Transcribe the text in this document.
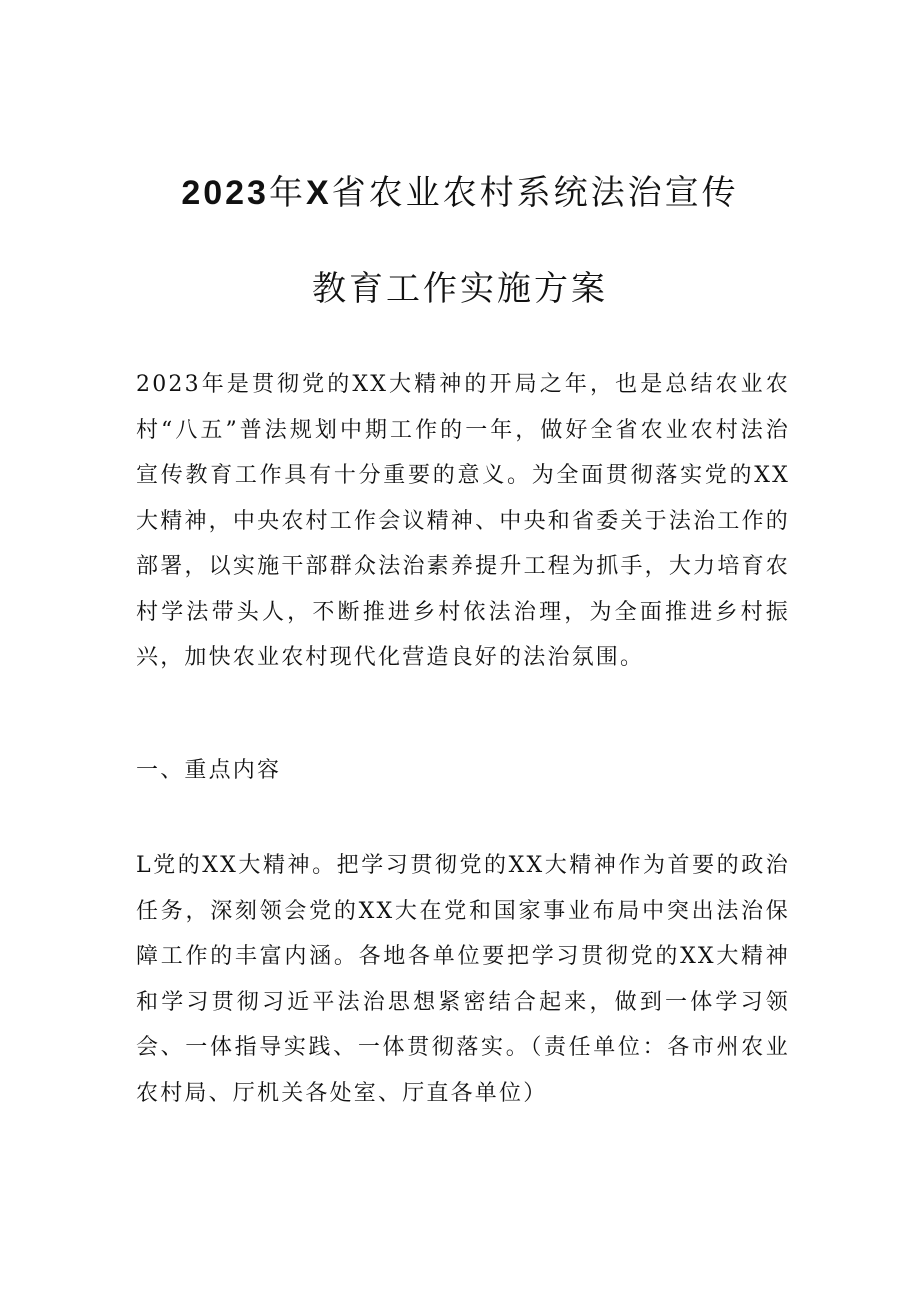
2023年X省农业农村系统法治宣传
教育工作实施方案

2023年是贯彻党的XX大精神的开局之年，也是总结农业农村“八五”普法规划中期工作的一年，做好全省农业农村法治宣传教育工作具有十分重要的意义。为全面贯彻落实党的XX大精神，中央农村工作会议精神、中央和省委关于法治工作的部署，以实施干部群众法治素养提升工程为抓手，大力培育农村学法带头人，不断推进乡村依法治理，为全面推进乡村振兴，加快农业农村现代化营造良好的法治氛围。

一、重点内容

L党的XX大精神。把学习贯彻党的XX大精神作为首要的政治任务，深刻领会党的XX大在党和国家事业布局中突出法治保障工作的丰富内涵。各地各单位要把学习贯彻党的XX大精神和学习贯彻习近平法治思想紧密结合起来，做到一体学习领会、一体指导实践、一体贯彻落实。（责任单位：各市州农业农村局、厅机关各处室、厅直各单位）
